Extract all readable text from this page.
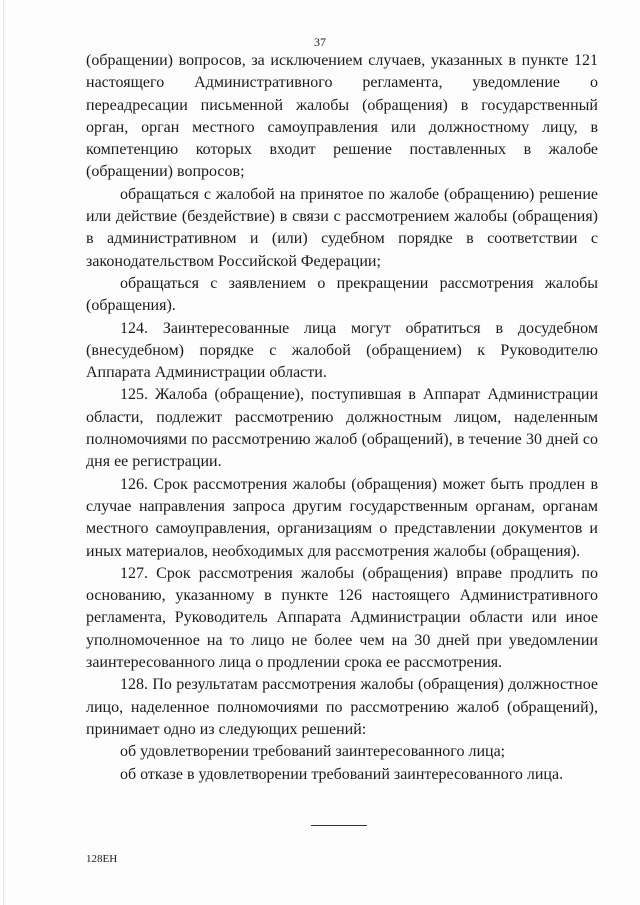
37

(обращении) вопросов, за исключением случаев, указанных в пункте 121 настоящего Административного регламента, уведомление о переадресации письменной жалобы (обращения) в государственный орган, орган местного самоуправления или должностному лицу, в компетенцию которых входит решение поставленных в жалобе (обращении) вопросов;

обращаться с жалобой на принятое по жалобе (обращению) решение или действие (бездействие) в связи с рассмотрением жалобы (обращения) в административном и (или) судебном порядке в соответствии с законодательством Российской Федерации;

обращаться с заявлением о прекращении рассмотрения жалобы (обращения).

124. Заинтересованные лица могут обратиться в досудебном (внесудебном) порядке с жалобой (обращением) к Руководителю Аппарата Администрации области.

125. Жалоба (обращение), поступившая в Аппарат Администрации области, подлежит рассмотрению должностным лицом, наделенным полномочиями по рассмотрению жалоб (обращений), в течение 30 дней со дня ее регистрации.

126. Срок рассмотрения жалобы (обращения) может быть продлен в случае направления запроса другим государственным органам, органам местного самоуправления, организациям о представлении документов и иных материалов, необходимых для рассмотрения жалобы (обращения).

127. Срок рассмотрения жалобы (обращения) вправе продлить по основанию, указанному в пункте 126 настоящего Административного регламента, Руководитель Аппарата Администрации области или иное уполномоченное на то лицо не более чем на 30 дней при уведомлении заинтересованного лица о продлении срока ее рассмотрения.

128. По результатам рассмотрения жалобы (обращения) должностное лицо, наделенное полномочиями по рассмотрению жалоб (обращений), принимает одно из следующих решений:

об удовлетворении требований заинтересованного лица;

об отказе в удовлетворении требований заинтересованного лица.

128ЕН
